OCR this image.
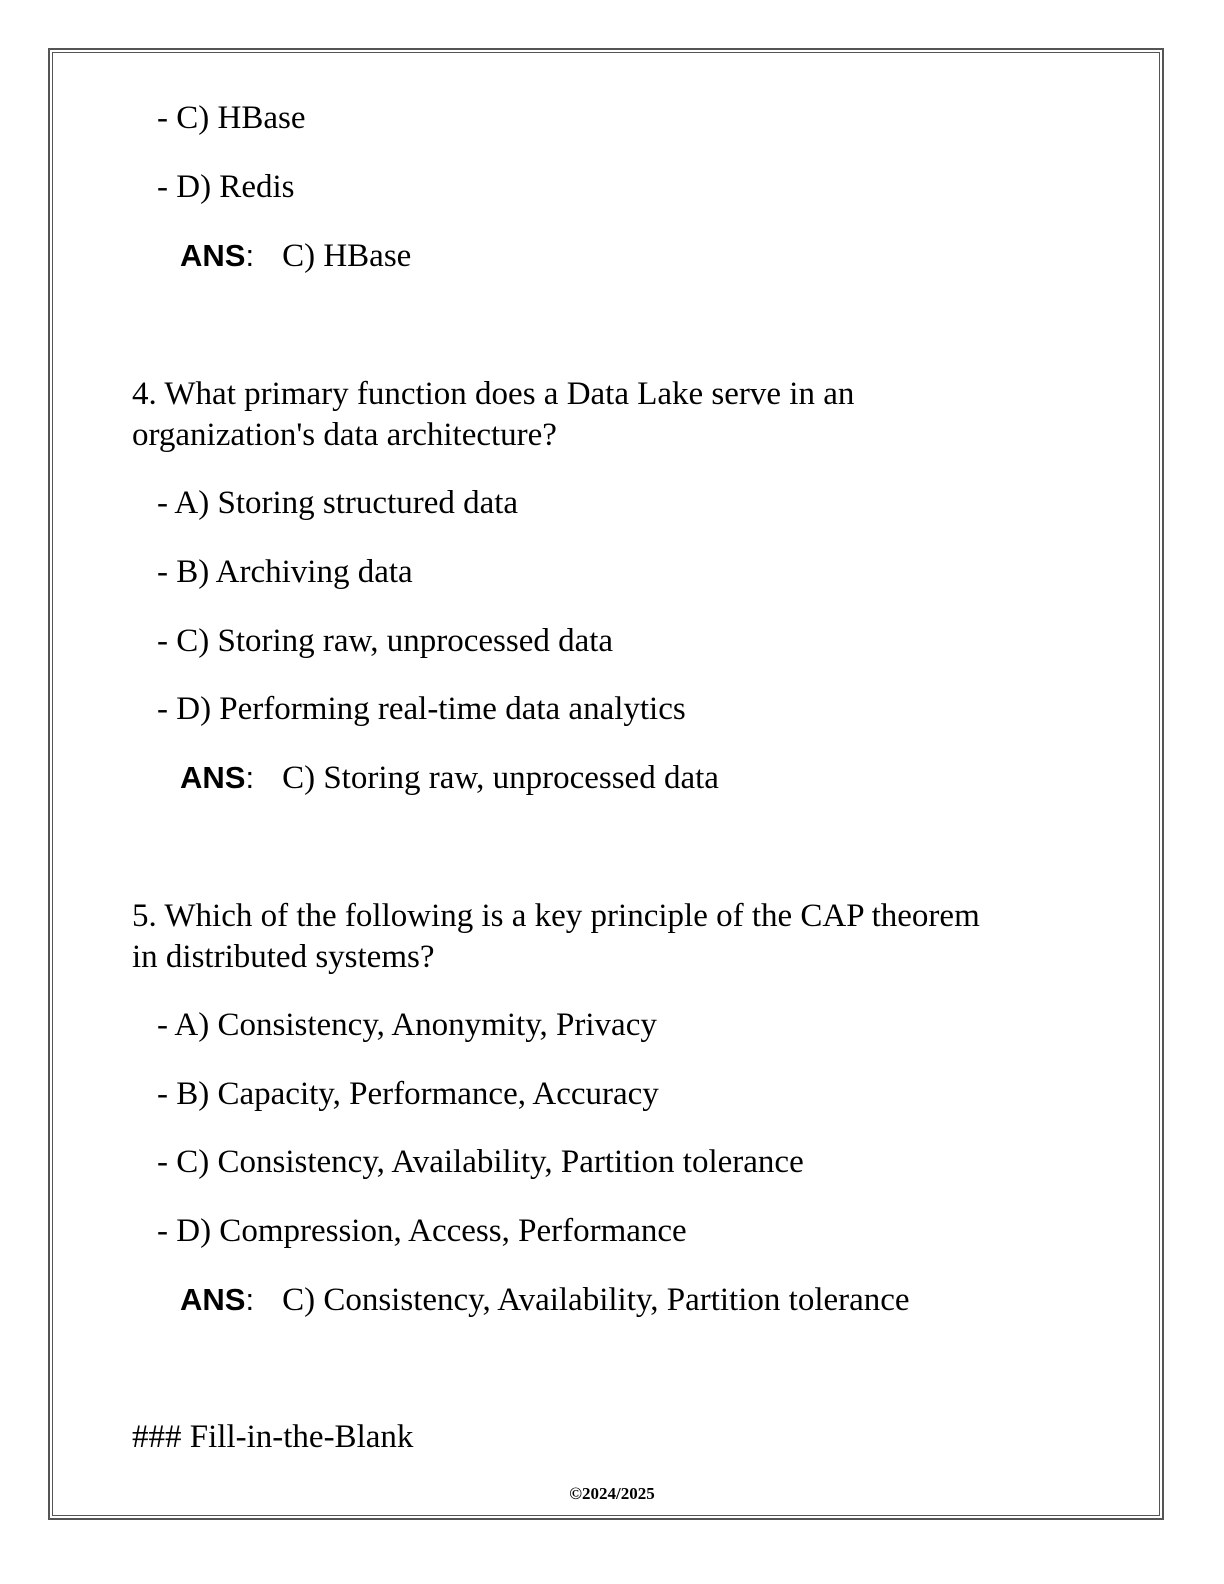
- C) HBase
- D) Redis
ANS: C) HBase
4. What primary function does a Data Lake serve in an
organization's data architecture?
- A) Storing structured data
- B) Archiving data
- C) Storing raw, unprocessed data
- D) Performing real-time data analytics
ANS: C) Storing raw, unprocessed data
5. Which of the following is a key principle of the CAP theorem
in distributed systems?
- A) Consistency, Anonymity, Privacy
- B) Capacity, Performance, Accuracy
- C) Consistency, Availability, Partition tolerance
- D) Compression, Access, Performance
ANS: C) Consistency, Availability, Partition tolerance
### Fill-in-the-Blank
©2024/2025
